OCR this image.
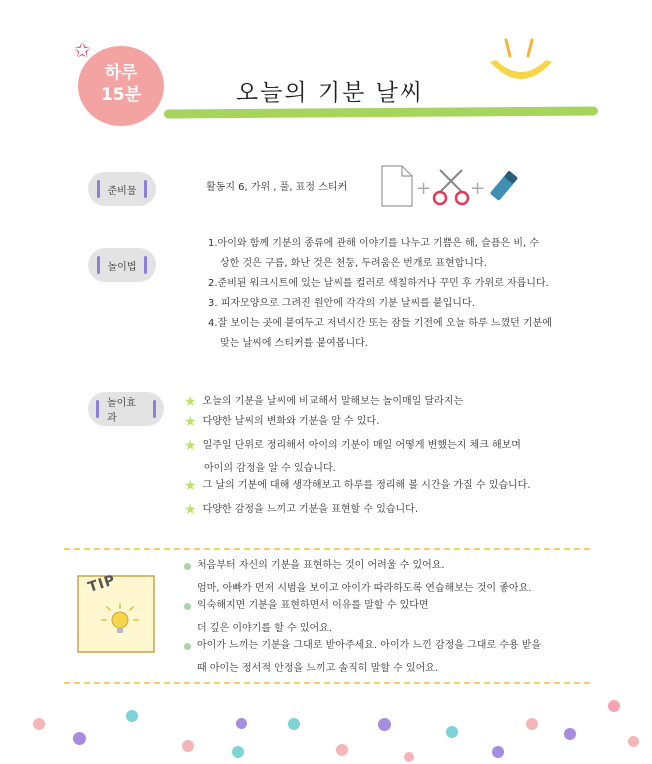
✩
하루
15분	오늘의 기분 날씨
준비물	활동지 6, 가위 , 풀, 표정 스티커	+ +
놀이법
1.아이와 함께 기분의 종류에 관해 이야기를 나누고 기쁨은 해, 슬픔은 비, 수
상한 것은 구름, 화난 것은 천둥, 두려움은 번개로 표현합니다.
2.준비된 워크시트에 있는 날씨를 컬러로 색칠하거나 꾸민 후 가위로 자릅니다.
3. 피자모양으로 그려진 원안에 각각의 기분 날씨를 붙입니다.
4.잘 보이는 곳에 붙여두고 저녁시간 또는 잠들 기전에 오늘 하루 느꼈던 기분에
맞는 날씨에 스티커를 붙여봅니다.
놀이효과
★ 오늘의 기분을 날씨에 비교해서 말해보는 놀이매일 달라지는
★ 다양한 날씨의 변화와 기분을 알 수 있다.
★ 일주일 단위로 정리해서 아이의 기분이 매일 어떻게 변했는지 체크 해보며
아이의 감정을 알 수 있습니다.
★ 그 날의 기분에 대해 생각해보고 하루를 정리해 볼 시간을 가질 수 있습니다.
★ 다양한 감정을 느끼고 기분을 표현할 수 있습니다.
TIP
처음부터 자신의 기분을 표현하는 것이 어려울 수 있어요.
엄마, 아빠가 먼저 시범을 보이고 아이가 따라하도록 연습해보는 것이 좋아요.
익숙해지면 기분을 표현하면서 이유를 말할 수 있다면
더 깊은 이야기를 할 수 있어요.
아이가 느끼는 기분을 그대로 받아주세요. 아이가 느낀 감정을 그대로 수용 받을
때 아이는 정서적 안정을 느끼고 솔직히 말할 수 있어요.
